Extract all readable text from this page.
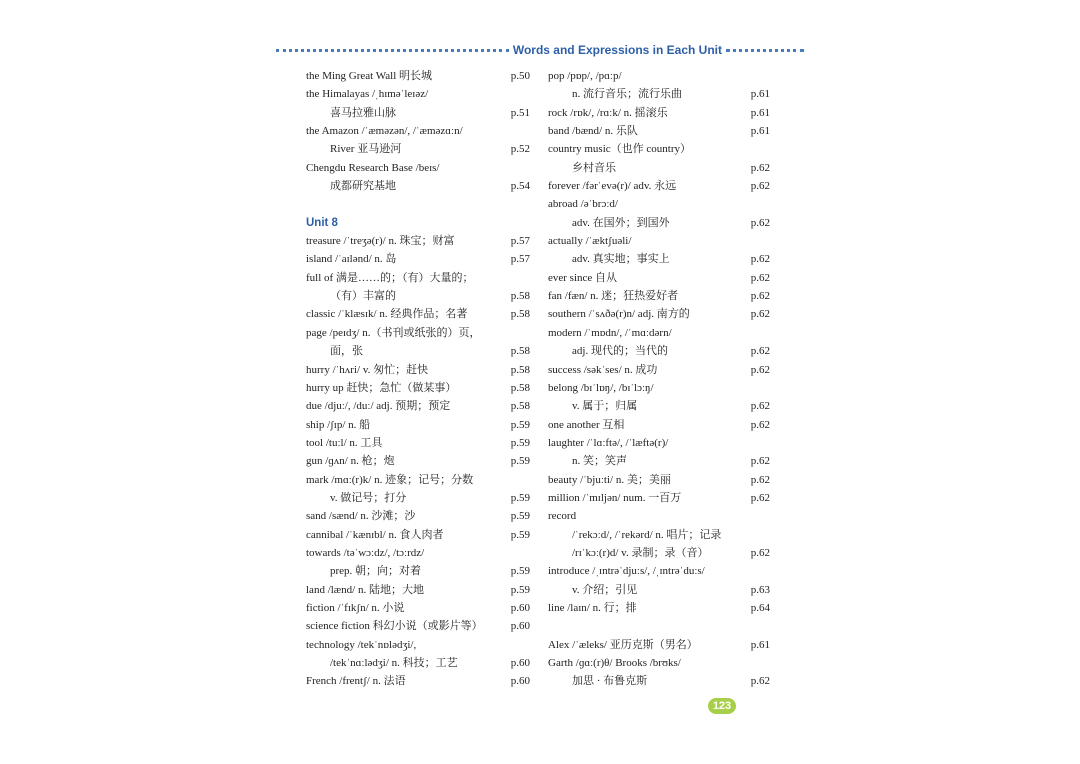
Words and Expressions in Each Unit
the Ming Great Wall 明长城	p.50
the Himalayas /ˌhɪməˈleɪəz/
喜马拉雅山脉	p.51
the Amazon /ˈæməzən/, /ˈæməzɑːn/
River 亚马逊河	p.52
Chengdu Research Base /beɪs/
成都研究基地	p.54
Unit 8
treasure /ˈtreʒə(r)/ n. 珠宝；财富	p.57
island /ˈaɪlənd/ n. 岛	p.57
full of 满是……的；（有）大量的；
（有）丰富的	p.58
classic /ˈklæsɪk/ n. 经典作品；名著	p.58
page /peɪdʒ/ n.（书刊或纸张的）页，
面，张	p.58
hurry /ˈhʌri/ v. 匆忙；赶快	p.58
hurry up 赶快；急忙（做某事）	p.58
due /djuː/, /duː/ adj. 预期；预定	p.58
ship /ʃɪp/ n. 船	p.59
tool /tuːl/ n. 工具	p.59
gun /ɡʌn/ n. 枪；炮	p.59
mark /mɑː(r)k/ n. 迹象；记号；分数
v. 做记号；打分	p.59
sand /sænd/ n. 沙滩；沙	p.59
cannibal /ˈkænɪbl/ n. 食人肉者	p.59
towards /təˈwɔːdz/, /tɔːrdz/
prep. 朝；向；对着	p.59
land /lænd/ n. 陆地；大地	p.59
fiction /ˈfɪkʃn/ n. 小说	p.60
science fiction 科幻小说（或影片等）	p.60
technology /tekˈnɒlədʒi/,
/tekˈnɑːlədʒi/ n. 科技；工艺	p.60
French /frentʃ/ n. 法语	p.60
pop /pɒp/, /pɑːp/
n. 流行音乐；流行乐曲	p.61
rock /rɒk/, /rɑːk/ n. 摇滚乐	p.61
band /bænd/ n. 乐队	p.61
country music（也作 country）
乡村音乐	p.62
forever /fərˈevə(r)/ adv. 永远	p.62
abroad /əˈbrɔːd/
adv. 在国外；到国外	p.62
actually /ˈæktʃuəli/
adv. 真实地；事实上	p.62
ever since 自从	p.62
fan /fæn/ n. 迷；狂热爱好者	p.62
southern /ˈsʌðə(r)n/ adj. 南方的	p.62
modern /ˈmɒdn/, /ˈmɑːdərn/
adj. 现代的；当代的	p.62
success /səkˈses/ n. 成功	p.62
belong /bɪˈlɒŋ/, /bɪˈlɔːŋ/
v. 属于；归属	p.62
one another 互相	p.62
laughter /ˈlɑːftə/, /ˈlæftə(r)/
n. 笑；笑声	p.62
beauty /ˈbjuːti/ n. 美；美丽	p.62
million /ˈmɪljən/ num. 一百万	p.62
record
/ˈrekɔːd/, /ˈrekərd/ n. 唱片；记录
/rɪˈkɔː(r)d/ v. 录制；录（音）	p.62
introduce /ˌɪntrəˈdjuːs/, /ˌɪntrəˈduːs/
v. 介绍；引见	p.63
line /laɪn/ n. 行；排	p.64
Alex /ˈæleks/ 亚历克斯（男名）	p.61
Garth /ɡɑː(r)θ/ Brooks /brʊks/
加思 · 布鲁克斯	p.62
123
